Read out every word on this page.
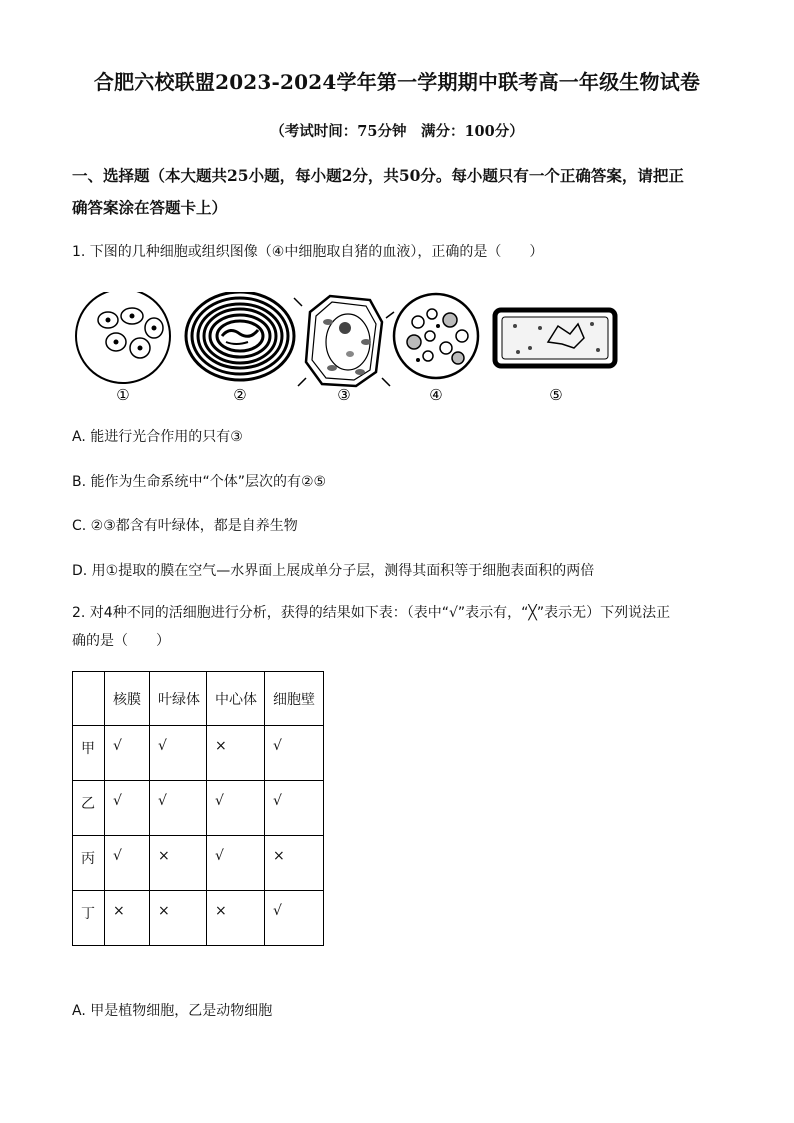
合肥六校联盟2023-2024学年第一学期期中联考高一年级生物试卷
（考试时间：75分钟　满分：100分）
一、选择题（本大题共25小题，每小题2分，共50分。每小题只有一个正确答案，请把正
确答案涂在答题卡上）
1. 下图的几种细胞或组织图像（④中细胞取自猪的血液），正确的是（　　）
①	②	③	④	⑤
A. 能进行光合作用的只有③
B. 能作为生命系统中“个体”层次的有②⑤
C. ②③都含有叶绿体，都是自养生物
D. 用①提取的膜在空气—水界面上展成单分子层，测得其面积等于细胞表面积的两倍
2. 对4种不同的活细胞进行分析，获得的结果如下表：（表中“√”表示有，“╳”表示无）下列说法正
确的是（　　）
	核膜	叶绿体	中心体	细胞壁
甲	√	√	×	√
乙	√	√	√	√
丙	√	×	√	×
丁	×	×	×	√
A. 甲是植物细胞，乙是动物细胞
